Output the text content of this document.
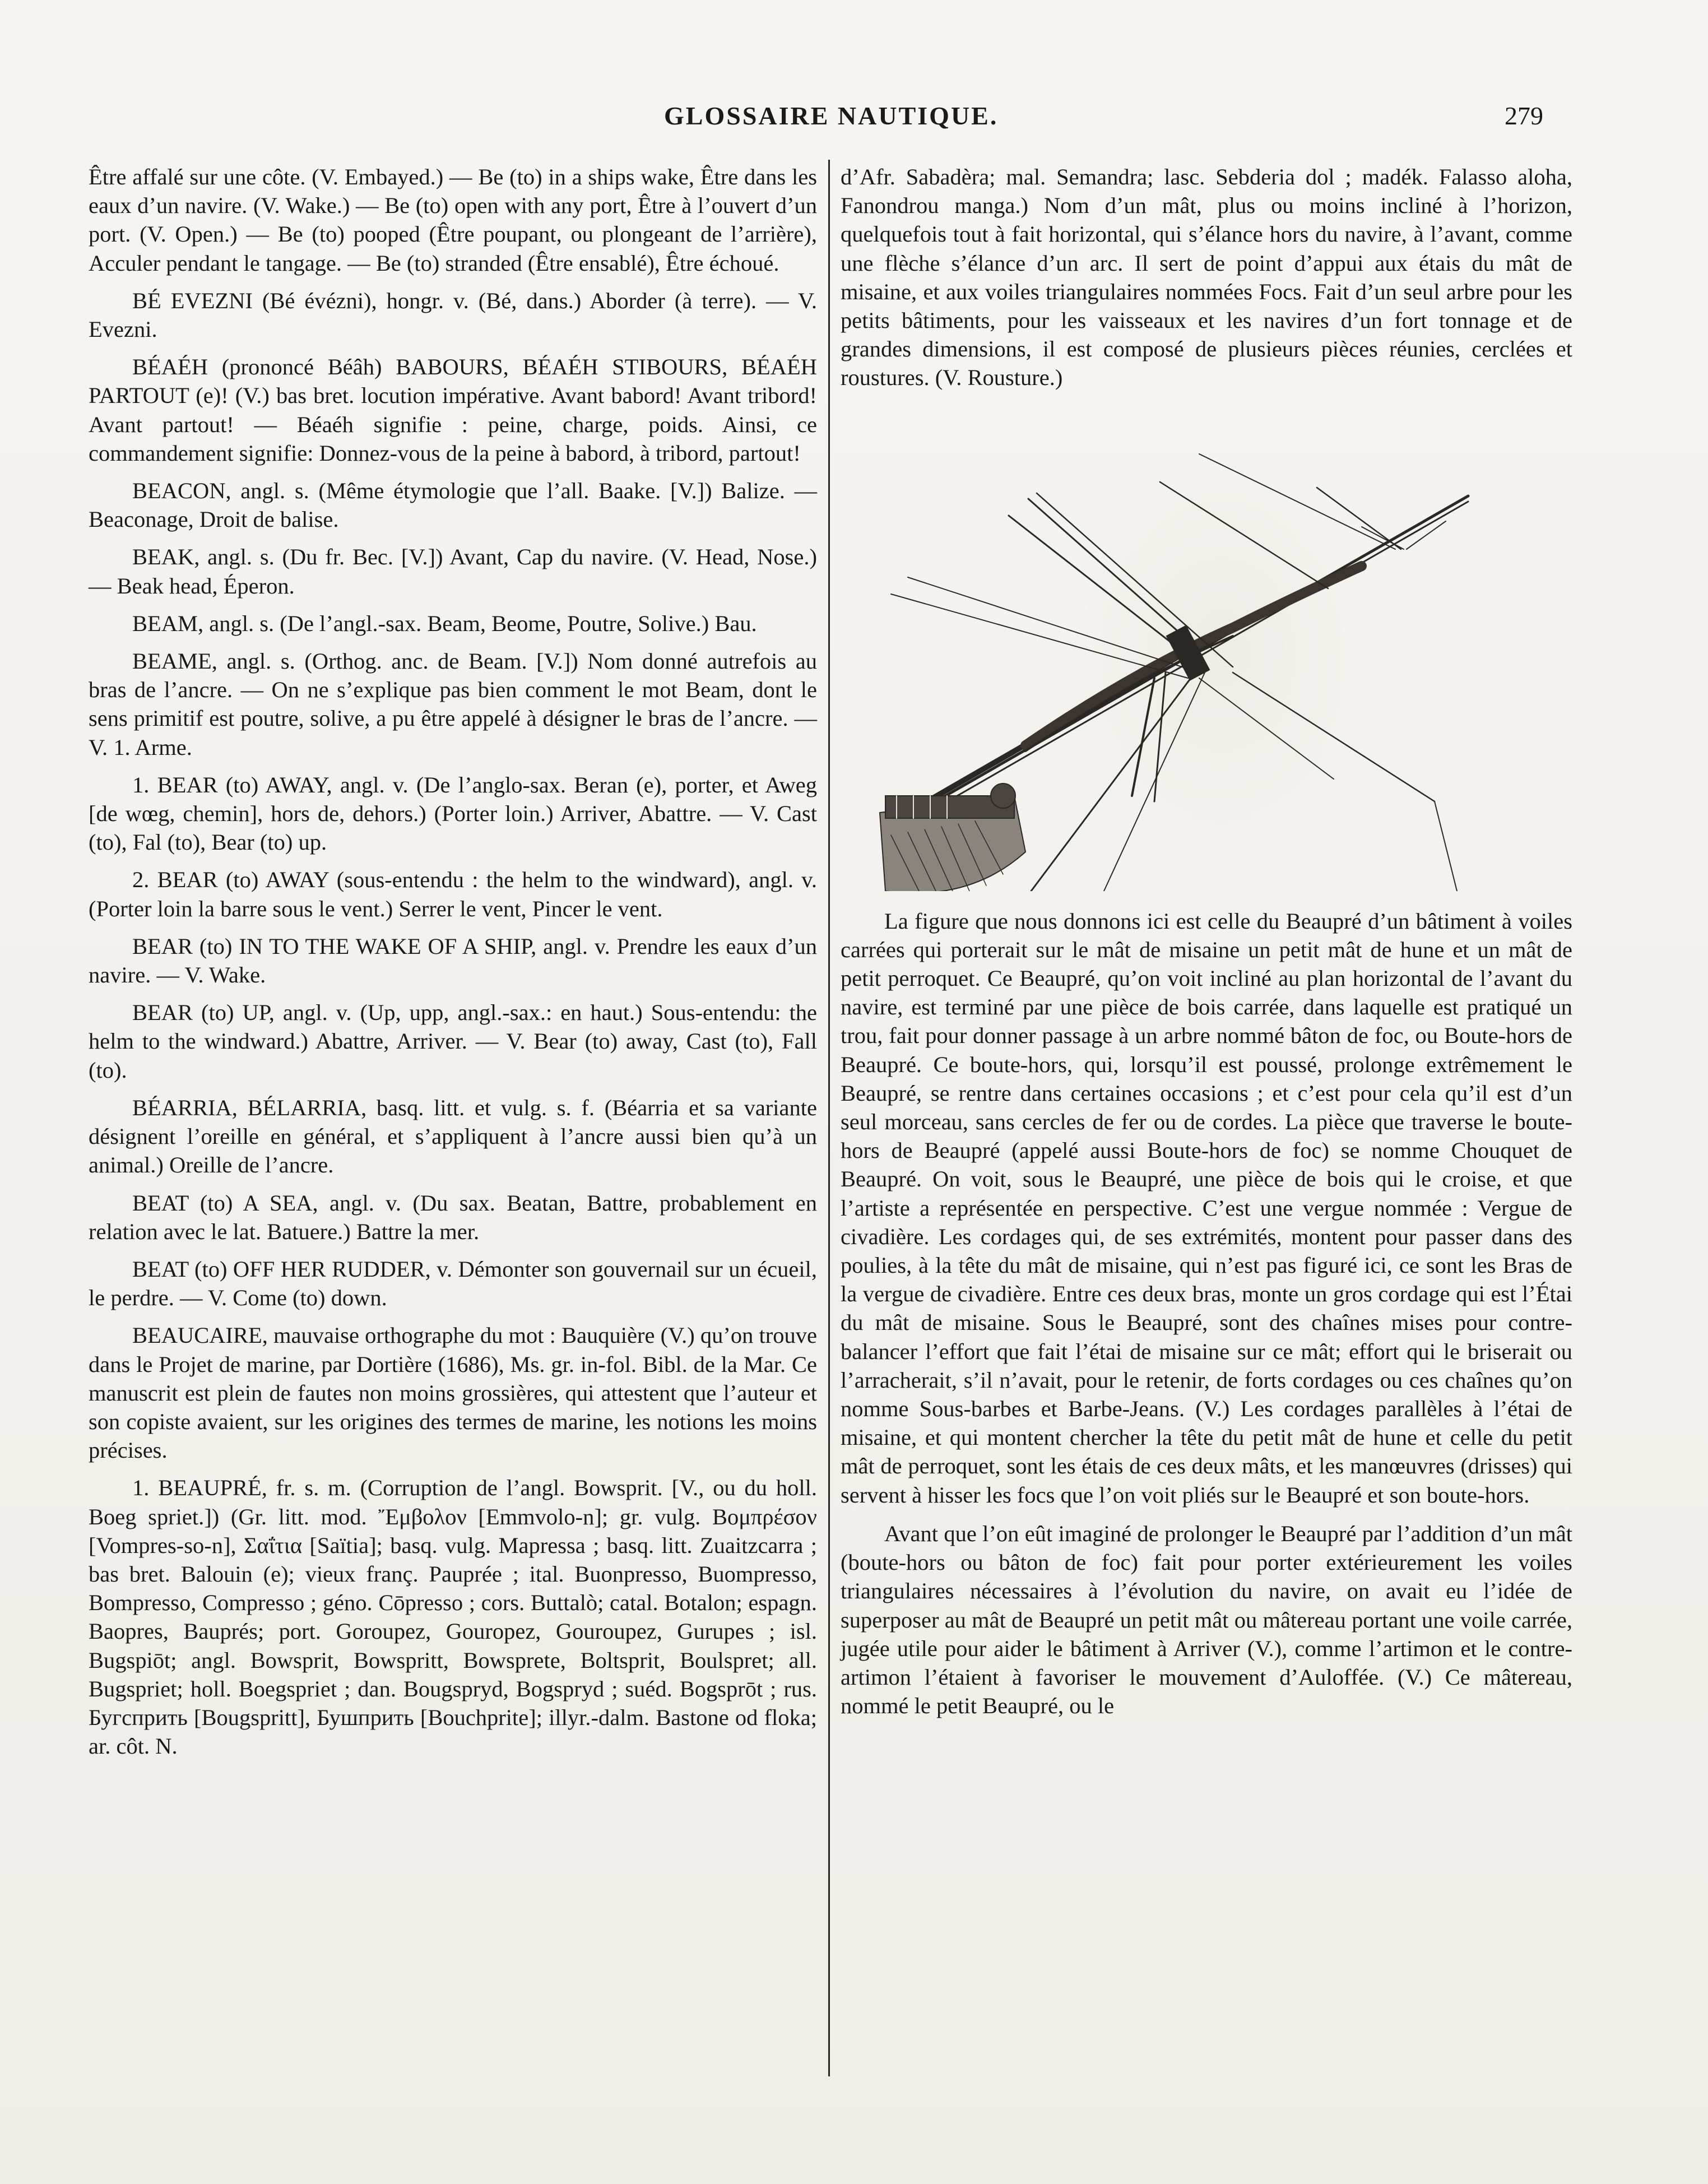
GLOSSAIRE NAUTIQUE.	279

Être affalé sur une côte. (V. Embayed.) — Be (to) in a ships wake, Être dans les eaux d’un navire. (V. Wake.) — Be (to) open with any port, Être à l’ouvert d’un port. (V. Open.) — Be (to) pooped (Être poupant, ou plongeant de l’arrière), Acculer pendant le tangage. — Be (to) stranded (Être ensablé), Être échoué.

BÉ EVEZNI (Bé évézni), hongr. v. (Bé, dans.) Aborder (à terre). — V. Evezni.

BÉAÉH (prononcé Béâh) BABOURS, BÉAÉH STIBOURS, BÉAÉH PARTOUT (e)! (V.) bas bret. locution impérative. Avant babord! Avant tribord! Avant partout! — Béaéh signifie : peine, charge, poids. Ainsi, ce commandement signifie: Donnez-vous de la peine à babord, à tribord, partout!

BEACON, angl. s. (Même étymologie que l’all. Baake. [V.]) Balize. — Beaconage, Droit de balise.

BEAK, angl. s. (Du fr. Bec. [V.]) Avant, Cap du navire. (V. Head, Nose.) — Beak head, Éperon.

BEAM, angl. s. (De l’angl.-sax. Beam, Beome, Poutre, Solive.) Bau.

BEAME, angl. s. (Orthog. anc. de Beam. [V.]) Nom donné autrefois au bras de l’ancre. — On ne s’explique pas bien comment le mot Beam, dont le sens primitif est poutre, solive, a pu être appelé à désigner le bras de l’ancre. — V. 1. Arme.

1. BEAR (to) AWAY, angl. v. (De l’anglo-sax. Beran (e), porter, et Aweg [de wœg, chemin], hors de, dehors.) (Porter loin.) Arriver, Abattre. — V. Cast (to), Fal (to), Bear (to) up.

2. BEAR (to) AWAY (sous-entendu : the helm to the windward), angl. v. (Porter loin la barre sous le vent.) Serrer le vent, Pincer le vent.

BEAR (to) IN TO THE WAKE OF A SHIP, angl. v. Prendre les eaux d’un navire. — V. Wake.

BEAR (to) UP, angl. v. (Up, upp, angl.-sax.: en haut.) Sous-entendu: the helm to the windward.) Abattre, Arriver. — V. Bear (to) away, Cast (to), Fall (to).

BÉARRIA, BÉLARRIA, basq. litt. et vulg. s. f. (Béarria et sa variante désignent l’oreille en général, et s’appliquent à l’ancre aussi bien qu’à un animal.) Oreille de l’ancre.

BEAT (to) A SEA, angl. v. (Du sax. Beatan, Battre, probablement en relation avec le lat. Batuere.) Battre la mer.

BEAT (to) OFF HER RUDDER, v. Démonter son gouvernail sur un écueil, le perdre. — V. Come (to) down.

BEAUCAIRE, mauvaise orthographe du mot : Bauquière (V.) qu’on trouve dans le Projet de marine, par Dortière (1686), Ms. gr. in-fol. Bibl. de la Mar. Ce manuscrit est plein de fautes non moins grossières, qui attestent que l’auteur et son copiste avaient, sur les origines des termes de marine, les notions les moins précises.

1. BEAUPRÉ, fr. s. m. (Corruption de l’angl. Bowsprit. [V., ou du holl. Boeg spriet.]) (Gr. litt. mod. Ἔμβολον [Emmvolo-n]; gr. vulg. Βομπρέσον [Vompres-so-n], Σαΐτια [Saïtia]; basq. vulg. Mapressa ; basq. litt. Zuaitzcarra ; bas bret. Balouin (e); vieux franç. Pauprée ; ital. Buonpresso, Buompresso, Bompresso, Compresso ; géno. Cōpresso ; cors. Buttalò; catal. Botalon; espagn. Baopres, Bauprés; port. Goroupez, Gouropez, Gouroupez, Gurupes ; isl. Bugspiōt; angl. Bowsprit, Bowspritt, Bowsprete, Boltsprit, Boulspret; all. Bugspriet; holl. Boegspriet ; dan. Bougspryd, Bogspryd ; suéd. Bogsprōt ; rus. Бугсприть [Bougspritt], Бушприть [Bouchprite]; illyr.-dalm. Bastone od floka; ar. côt. N.

d’Afr. Sabadèra; mal. Semandra; lasc. Sebderia dol ; madék. Falasso aloha, Fanondrou manga.) Nom d’un mât, plus ou moins incliné à l’horizon, quelquefois tout à fait horizontal, qui s’élance hors du navire, à l’avant, comme une flèche s’élance d’un arc. Il sert de point d’appui aux étais du mât de misaine, et aux voiles triangulaires nommées Focs. Fait d’un seul arbre pour les petits bâtiments, pour les vaisseaux et les navires d’un fort tonnage et de grandes dimensions, il est composé de plusieurs pièces réunies, cerclées et roustures. (V. Rousture.)

La figure que nous donnons ici est celle du Beaupré d’un bâtiment à voiles carrées qui porterait sur le mât de misaine un petit mât de hune et un mât de petit perroquet. Ce Beaupré, qu’on voit incliné au plan horizontal de l’avant du navire, est terminé par une pièce de bois carrée, dans laquelle est pratiqué un trou, fait pour donner passage à un arbre nommé bâton de foc, ou Boute-hors de Beaupré. Ce boute-hors, qui, lorsqu’il est poussé, prolonge extrêmement le Beaupré, se rentre dans certaines occasions ; et c’est pour cela qu’il est d’un seul morceau, sans cercles de fer ou de cordes. La pièce que traverse le boute-hors de Beaupré (appelé aussi Boute-hors de foc) se nomme Chouquet de Beaupré. On voit, sous le Beaupré, une pièce de bois qui le croise, et que l’artiste a représentée en perspective. C’est une vergue nommée : Vergue de civadière. Les cordages qui, de ses extrémités, montent pour passer dans des poulies, à la tête du mât de misaine, qui n’est pas figuré ici, ce sont les Bras de la vergue de civadière. Entre ces deux bras, monte un gros cordage qui est l’Étai du mât de misaine. Sous le Beaupré, sont des chaînes mises pour contre-balancer l’effort que fait l’étai de misaine sur ce mât; effort qui le briserait ou l’arracherait, s’il n’avait, pour le retenir, de forts cordages ou ces chaînes qu’on nomme Sous-barbes et Barbe-Jeans. (V.) Les cordages parallèles à l’étai de misaine, et qui montent chercher la tête du petit mât de hune et celle du petit mât de perroquet, sont les étais de ces deux mâts, et les manœuvres (drisses) qui servent à hisser les focs que l’on voit pliés sur le Beaupré et son boute-hors.

Avant que l’on eût imaginé de prolonger le Beaupré par l’addition d’un mât (boute-hors ou bâton de foc) fait pour porter extérieurement les voiles triangulaires nécessaires à l’évolution du navire, on avait eu l’idée de superposer au mât de Beaupré un petit mât ou mâtereau portant une voile carrée, jugée utile pour aider le bâtiment à Arriver (V.), comme l’artimon et le contre-artimon l’étaient à favoriser le mouvement d’Auloffée. (V.) Ce mâtereau, nommé le petit Beaupré, ou le
